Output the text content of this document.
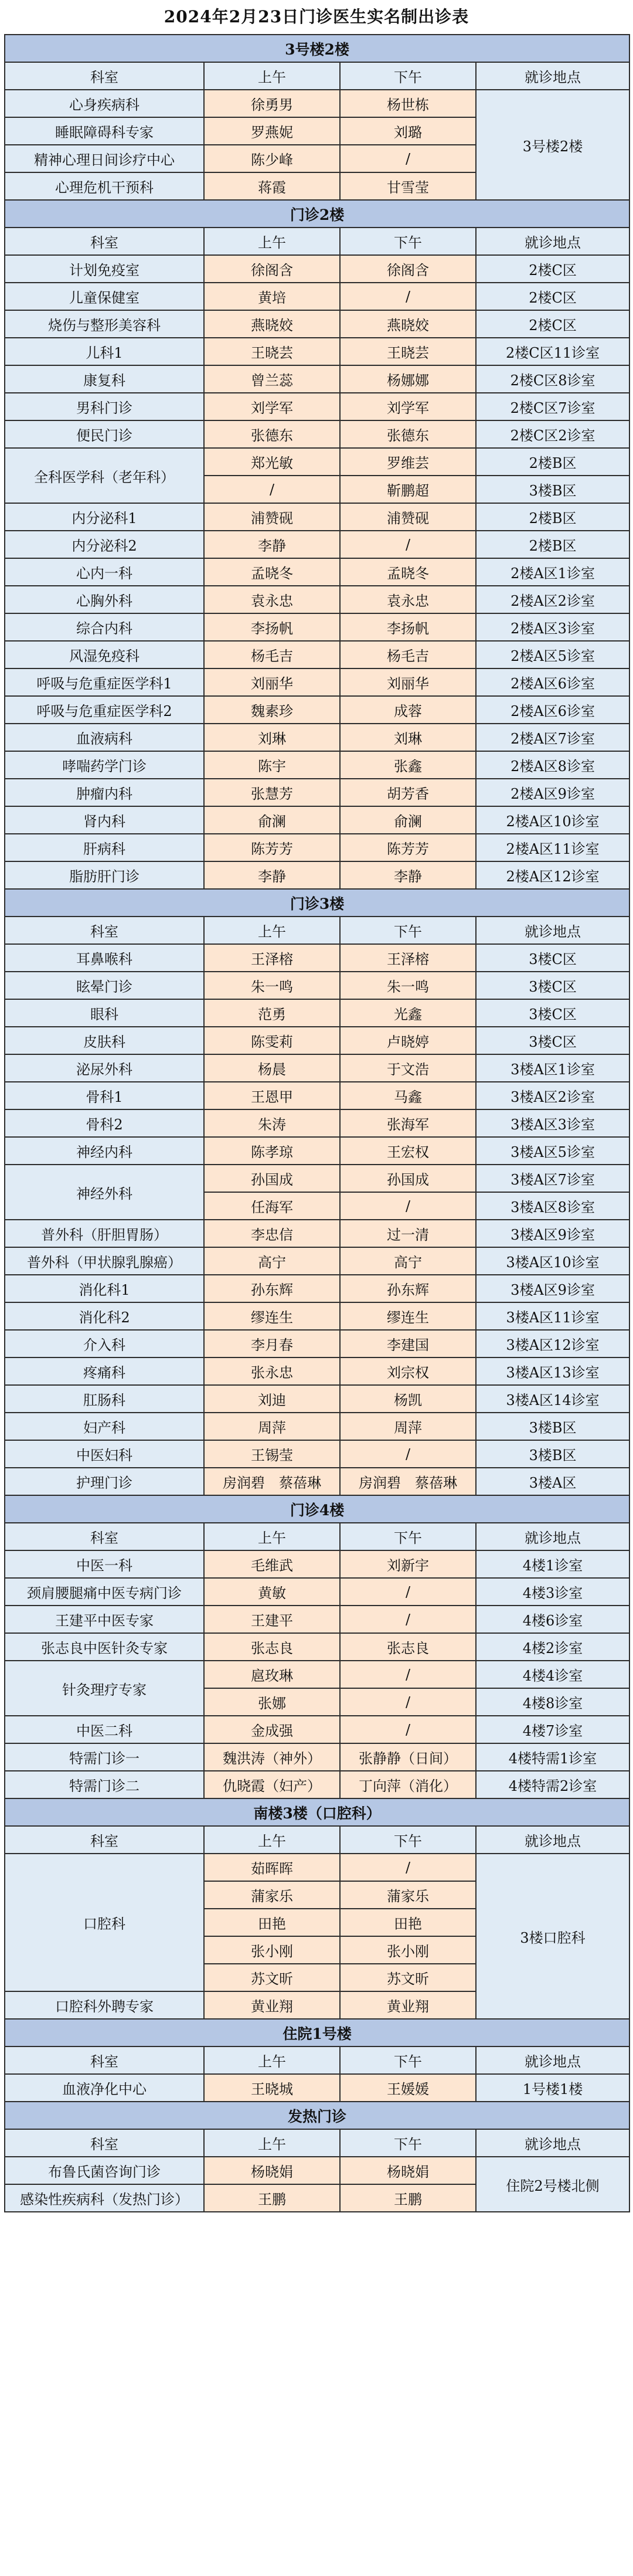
2024年2月23日门诊医生实名制出诊表
3号楼2楼			
科室	上午	下午	就诊地点
心身疾病科	徐勇男	杨世栋	3号楼2楼
睡眠障碍科专家	罗燕妮	刘璐	
精神心理日间诊疗中心	陈少峰	/	
心理危机干预科	蒋霞	甘雪莹	
门诊2楼			
科室	上午	下午	就诊地点
计划免疫室	徐阁含	徐阁含	2楼C区
儿童保健室	黄培	/	2楼C区
烧伤与整形美容科	燕晓姣	燕晓姣	2楼C区
儿科1	王晓芸	王晓芸	2楼C区11诊室
康复科	曾兰蕊	杨娜娜	2楼C区8诊室
男科门诊	刘学军	刘学军	2楼C区7诊室
便民门诊	张德东	张德东	2楼C区2诊室
全科医学科（老年科）	郑光敏	罗维芸	2楼B区
	/	靳鹏超	3楼B区
内分泌科1	浦赞砚	浦赞砚	2楼B区
内分泌科2	李静	/	2楼B区
心内一科	孟晓冬	孟晓冬	2楼A区1诊室
心胸外科	袁永忠	袁永忠	2楼A区2诊室
综合内科	李扬帆	李扬帆	2楼A区3诊室
风湿免疫科	杨毛吉	杨毛吉	2楼A区5诊室
呼吸与危重症医学科1	刘丽华	刘丽华	2楼A区6诊室
呼吸与危重症医学科2	魏素珍	成蓉	2楼A区6诊室
血液病科	刘琳	刘琳	2楼A区7诊室
哮喘药学门诊	陈宇	张鑫	2楼A区8诊室
肿瘤内科	张慧芳	胡芳香	2楼A区9诊室
肾内科	俞澜	俞澜	2楼A区10诊室
肝病科	陈芳芳	陈芳芳	2楼A区11诊室
脂肪肝门诊	李静	李静	2楼A区12诊室
门诊3楼			
科室	上午	下午	就诊地点
耳鼻喉科	王泽榕	王泽榕	3楼C区
眩晕门诊	朱一鸣	朱一鸣	3楼C区
眼科	范勇	光鑫	3楼C区
皮肤科	陈雯莉	卢晓婷	3楼C区
泌尿外科	杨晨	于文浩	3楼A区1诊室
骨科1	王恩甲	马鑫	3楼A区2诊室
骨科2	朱涛	张海军	3楼A区3诊室
神经内科	陈孝琼	王宏权	3楼A区5诊室
神经外科	孙国成	孙国成	3楼A区7诊室
	任海军	/	3楼A区8诊室
普外科（肝胆胃肠）	李忠信	过一清	3楼A区9诊室
普外科（甲状腺乳腺癌）	高宁	高宁	3楼A区10诊室
消化科1	孙东辉	孙东辉	3楼A区9诊室
消化科2	缪连生	缪连生	3楼A区11诊室
介入科	李月春	李建国	3楼A区12诊室
疼痛科	张永忠	刘宗权	3楼A区13诊室
肛肠科	刘迪	杨凯	3楼A区14诊室
妇产科	周萍	周萍	3楼B区
中医妇科	王锡莹	/	3楼B区
护理门诊	房润碧　蔡蓓琳	房润碧　蔡蓓琳	3楼A区
门诊4楼			
科室	上午	下午	就诊地点
中医一科	毛维武	刘新宇	4楼1诊室
颈肩腰腿痛中医专病门诊	黄敏	/	4楼3诊室
王建平中医专家	王建平	/	4楼6诊室
张志良中医针灸专家	张志良	张志良	4楼2诊室
针灸理疗专家	扈玫琳	/	4楼4诊室
	张娜	/	4楼8诊室
中医二科	金成强	/	4楼7诊室
特需门诊一	魏洪涛（神外）	张静静（日间）	4楼特需1诊室
特需门诊二	仇晓霞（妇产）	丁向萍（消化）	4楼特需2诊室
南楼3楼（口腔科）			
科室	上午	下午	就诊地点
口腔科	茹晖晖	/	3楼口腔科
	蒲家乐	蒲家乐	
	田艳	田艳	
	张小刚	张小刚	
	苏文昕	苏文昕	
口腔科外聘专家	黄业翔	黄业翔	
住院1号楼			
科室	上午	下午	就诊地点
血液净化中心	王晓城	王媛媛	1号楼1楼
发热门诊			
科室	上午	下午	就诊地点
布鲁氏菌咨询门诊	杨晓娟	杨晓娟	住院2号楼北侧
感染性疾病科（发热门诊）	王鹏	王鹏	
